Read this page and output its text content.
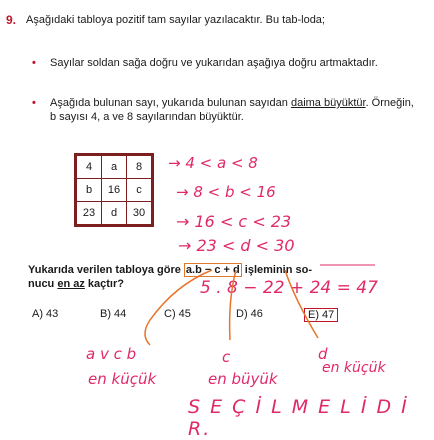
9. Aşağıdaki tabloya pozitif tam sayılar yazılacaktır. Bu tab-loda;
• Sayılar soldan sağa doğru ve yukarıdan aşağıya doğru artmaktadır.
• Aşağıda bulunan sayı, yukarıda bulunan sayıdan daima büyüktür. Örneğin, b sayısı 4, a ve 8 sayılarından büyüktür.
4	a	8
b	16	c
23	d	30
→ 4 < a < 8
→ 8 < b < 16
→ 16 < c < 23
→ 23 < d < 30
Yukarıda verilen tabloya göre a.b − c + d işleminin so-
nucu en az kaçtır?	5 . 8 − 22 + 24 = 47
A) 43	B) 44	C) 45	D) 46	E) 47
a v c b	c	d
en küçük	en büyük
en küçük
S E Ç İ L M E L İ D İ R.
